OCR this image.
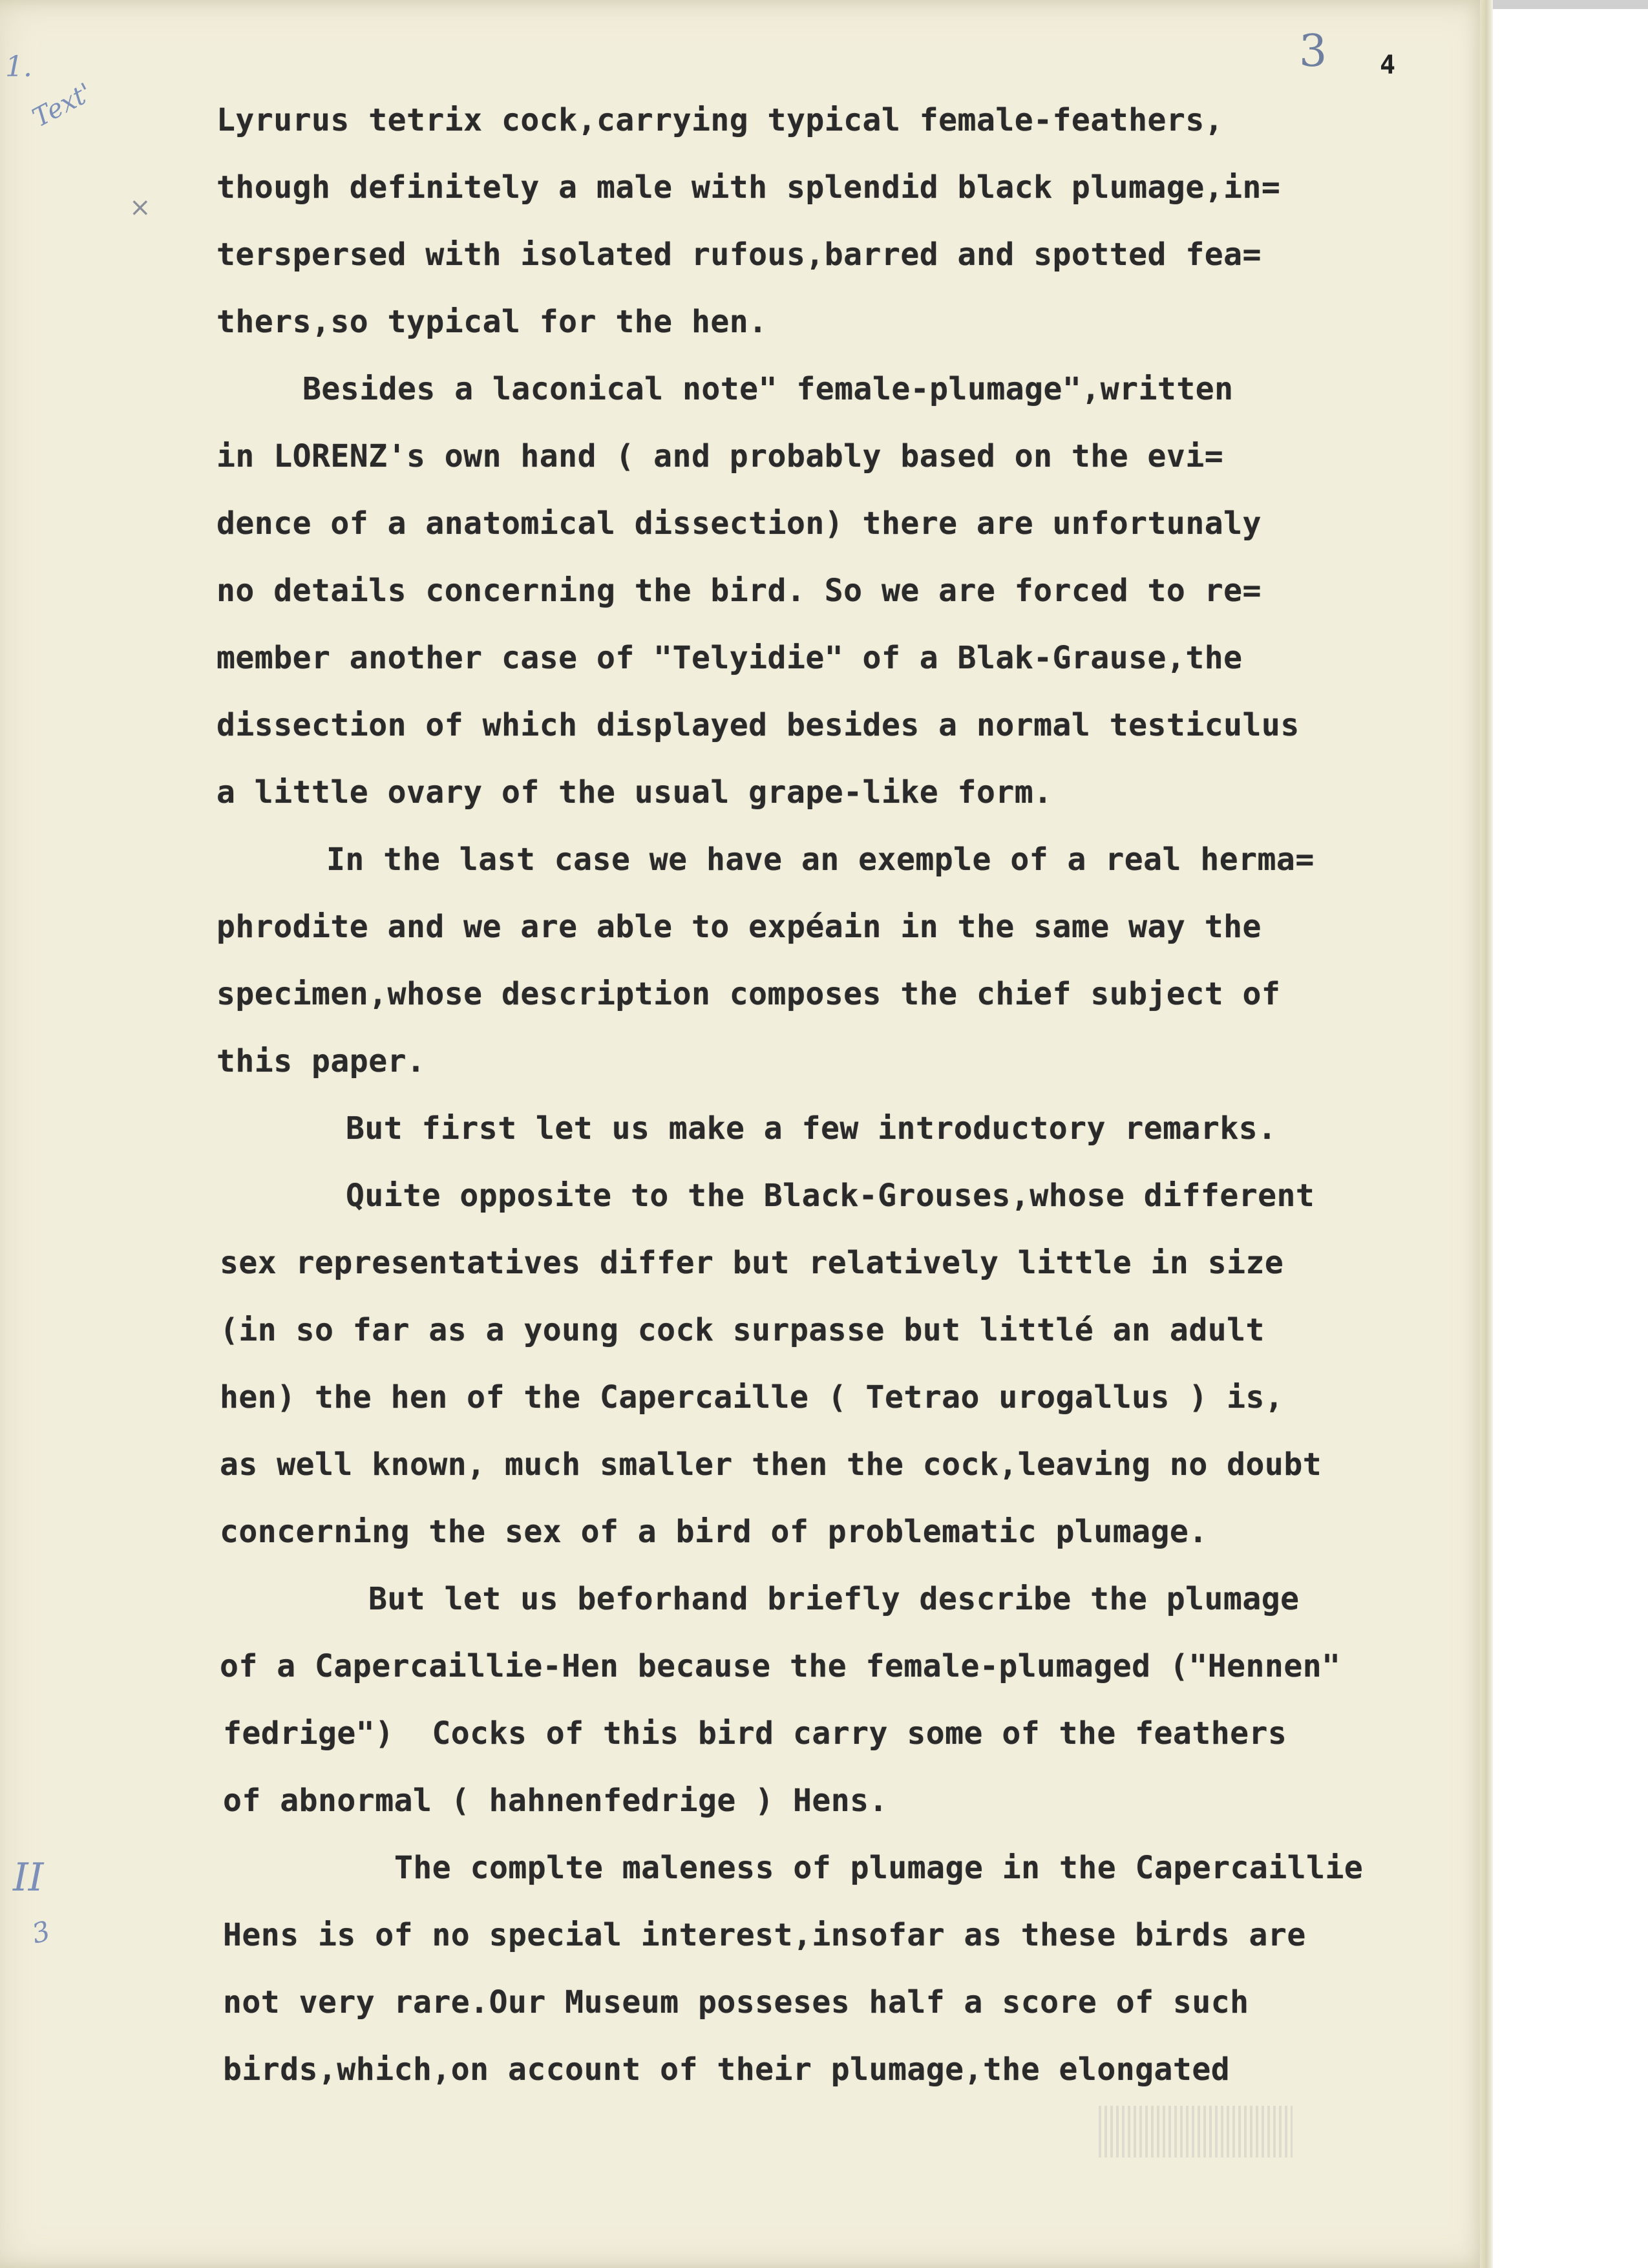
3 4
1.
Text'
×
II
3
Lyrurus tetrix cock,carrying typical female-feathers,
though definitely a male with splendid black plumage,in=
terspersed with isolated rufous,barred and spotted fea=
thers,so typical for the hen.
Besides a laconical note" female-plumage",written
in LORENZ's own hand ( and probably based on the evi=
dence of a anatomical dissection) there are unfortunaly
no details concerning the bird. So we are forced to re=
member another case of "Telyidie" of a Blak-Grause,the
dissection of which displayed besides a normal testiculus
a little ovary of the usual grape-like form.
In the last case we have an exemple of a real herma=
phrodite and we are able to expéain in the same way the
specimen,whose description composes the chief subject of
this paper.
But first let us make a few introductory remarks.
Quite opposite to the Black-Grouses,whose different
sex representatives differ but relatively little in size
(in so far as a young cock surpasse but littlé an adult
hen) the hen of the Capercaille ( Tetrao urogallus ) is,
as well known, much smaller then the cock,leaving no doubt
concerning the sex of a bird of problematic plumage.
But let us beforhand briefly describe the plumage
of a Capercaillie-Hen because the female-plumaged ("Hennen"
fedrige")  Cocks of this bird carry some of the feathers
of abnormal ( hahnenfedrige ) Hens.
The complte maleness of plumage in the Capercaillie
Hens is of no special interest,insofar as these birds are
not very rare.Our Museum posseses half a score of such
birds,which,on account of their plumage,the elongated
